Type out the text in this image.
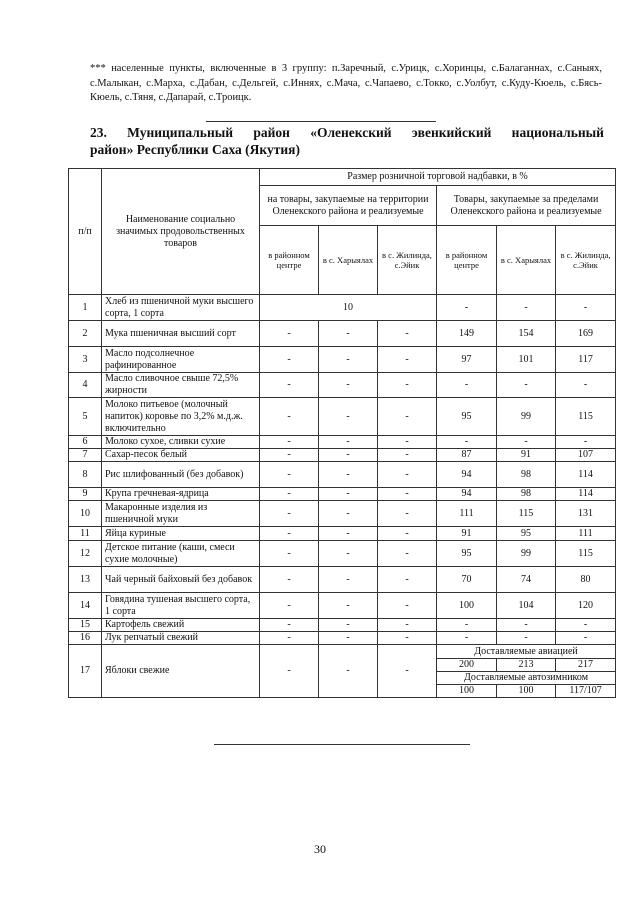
*** населенные пункты, включенные в 3 группу: п.Заречный, с.Урицк, с.Хоринцы, с.Балаганнах, с.Саныях, с.Малыкан, с.Марха, с.Дабан, с.Дельгей, с.Иннях, с.Мача, с.Чапаево, с.Токко, с.Уолбут, с.Куду-Кюель, с.Бясь-Кюель, с.Тяня, с.Дапарай, с.Троицк.
23. Муниципальный район «Оленекский эвенкийский национальный
район» Республики Саха (Якутия)
п/п	Наименование социально значимых продовольственных товаров	Размер розничной торговой надбавки, в %					
		на товары, закупаемые на территории Оленекского района и реализуемые			Товары, закупаемые за пределами Оленекского района и реализуемые		
		в районном центре	в с. Харыялах	в с. Жилинда, с.Эйик	в районном центре	в с. Харыялах	в с. Жилинда, с.Эйик
1	Хлеб из пшеничной муки высшего сорта, 1 сорта	10			-	-	-
2	Мука пшеничная высший сорт	-	-	-	149	154	169
3	Масло подсолнечное рафинированное	-	-	-	97	101	117
4	Масло сливочное свыше 72,5% жирности	-	-	-	-	-	-
5	Молоко питьевое (молочный напиток) коровье по 3,2% м.д.ж. включительно	-	-	-	95	99	115
6	Молоко сухое, сливки сухие	-	-	-	-	-	-
7	Сахар-песок белый	-	-	-	87	91	107
8	Рис шлифованный (без добавок)	-	-	-	94	98	114
9	Крупа гречневая-ядрица	-	-	-	94	98	114
10	Макаронные изделия из пшеничной муки	-	-	-	111	115	131
11	Яйца куриные	-	-	-	91	95	111
12	Детское питание (каши, смеси сухие молочные)	-	-	-	95	99	115
13	Чай черный байховый без добавок	-	-	-	70	74	80
14	Говядина тушеная высшего сорта, 1 сорта	-	-	-	100	104	120
15	Картофель свежий	-	-	-	-	-	-
16	Лук репчатый свежий	-	-	-	-	-	-
17	Яблоки свежие	-	-	-	Доставляемые авиацией		
					200	213	217
					Доставляемые автозимником		
					100	100	117/107
30
